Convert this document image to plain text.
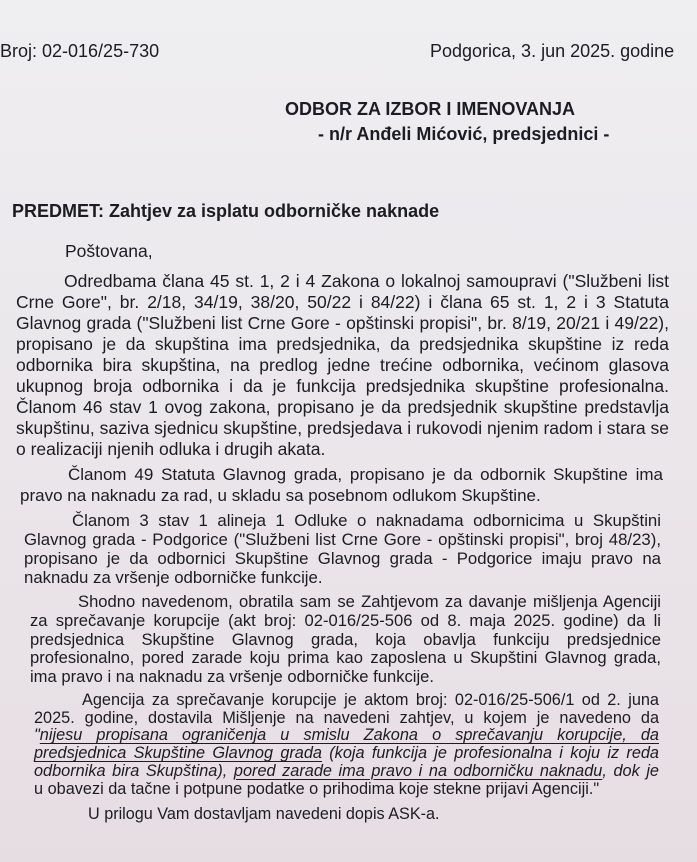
Broj: 02-016/25-730	Podgorica, 3. jun 2025. godine
ODBOR ZA IZBOR I IMENOVANJA
- n/r Anđeli Mićović, predsjednici -
PREDMET: Zahtjev za isplatu odborničke naknade
Poštovana,
Odredbama člana 45 st. 1, 2 i 4 Zakona o lokalnoj samoupravi ("Službeni list
Crne Gore", br. 2/18, 34/19, 38/20, 50/22 i 84/22) i člana 65 st. 1, 2 i 3 Statuta
Glavnog grada ("Službeni list Crne Gore - opštinski propisi", br. 8/19, 20/21 i 49/22),
propisano je da skupština ima predsjednika, da predsjednika skupštine iz reda
odbornika bira skupština, na predlog jedne trećine odbornika, većinom glasova
ukupnog broja odbornika i da je funkcija predsjednika skupštine profesionalna.
Članom 46 stav 1 ovog zakona, propisano je da predsjednik skupštine predstavlja
skupštinu, saziva sjednicu skupštine, predsjedava i rukovodi njenim radom i stara se
o realizaciji njenih odluka i drugih akata.
Članom 49 Statuta Glavnog grada, propisano je da odbornik Skupštine ima
pravo na naknadu za rad, u skladu sa posebnom odlukom Skupštine.
Članom 3 stav 1 alineja 1 Odluke o naknadama odbornicima u Skupštini
Glavnog grada - Podgorice ("Službeni list Crne Gore - opštinski propisi", broj 48/23),
propisano je da odbornici Skupštine Glavnog grada - Podgorice imaju pravo na
naknadu za vršenje odborničke funkcije.
Shodno navedenom, obratila sam se Zahtjevom za davanje mišljenja Agenciji
za sprečavanje korupcije (akt broj: 02-016/25-506 od 8. maja 2025. godine) da li
predsjednica Skupštine Glavnog grada, koja obavlja funkciju predsjednice
profesionalno, pored zarade koju prima kao zaposlena u Skupštini Glavnog grada,
ima pravo i na naknadu za vršenje odborničke funkcije.
Agencija za sprečavanje korupcije je aktom broj: 02-016/25-506/1 od 2. juna
2025. godine, dostavila Mišljenje na navedeni zahtjev, u kojem je navedeno da
"nijesu propisana ograničenja u smislu Zakona o sprečavanju korupcije, da
predsjednica Skupštine Glavnog grada (koja funkcija je profesionalna i koju iz reda
odbornika bira Skupština), pored zarade ima pravo i na odborničku naknadu, dok je
u obavezi da tačne i potpune podatke o prihodima koje stekne prijavi Agenciji."
U prilogu Vam dostavljam navedeni dopis ASK-a.
